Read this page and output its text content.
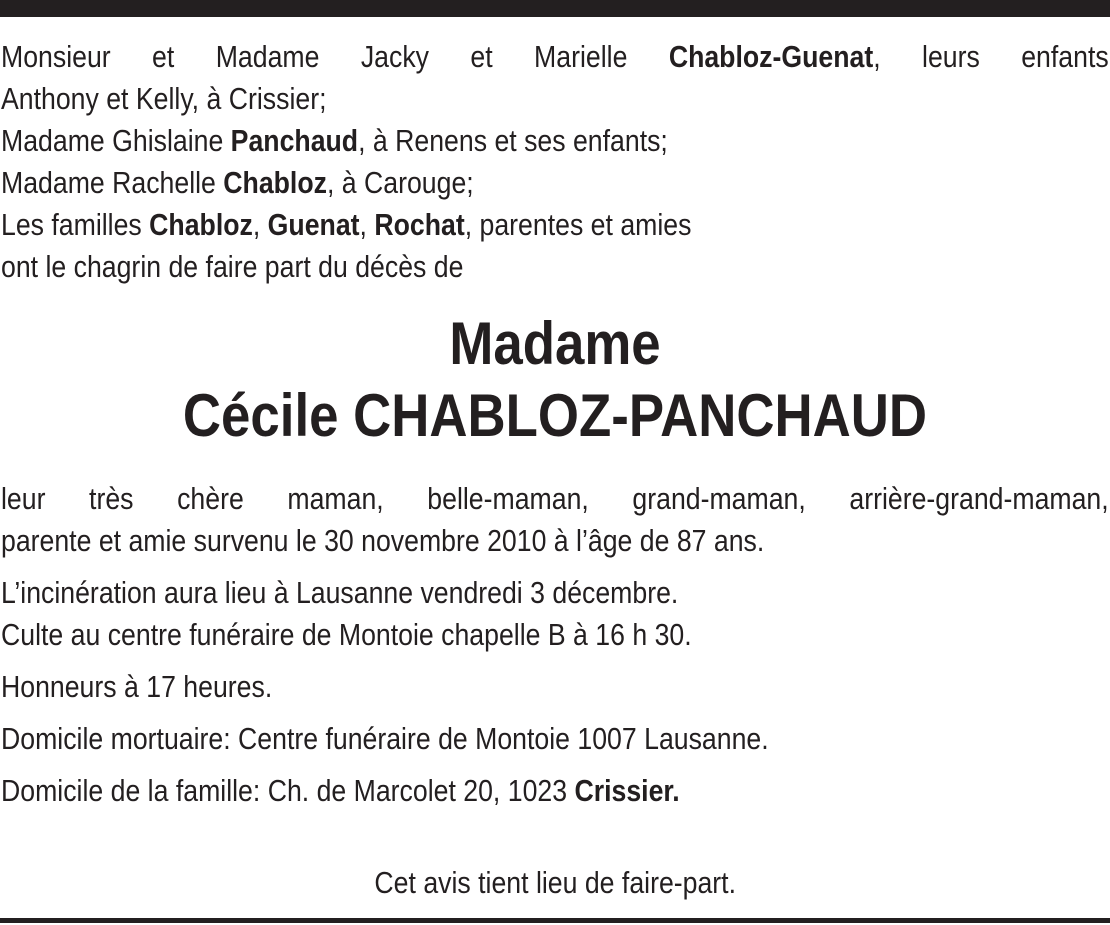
Monsieur et Madame Jacky et Marielle Chabloz-Guenat, leurs enfants
Anthony et Kelly, à Crissier;
Madame Ghislaine Panchaud, à Renens et ses enfants;
Madame Rachelle Chabloz, à Carouge;
Les familles Chabloz, Guenat, Rochat, parentes et amies
ont le chagrin de faire part du décès de
Madame
Cécile CHABLOZ-PANCHAUD

leur très chère maman, belle-maman, grand-maman, arrière-grand-maman,
parente et amie survenu le 30 novembre 2010 à l’âge de 87 ans.

L’incinération aura lieu à Lausanne vendredi 3 décembre.
Culte au centre funéraire de Montoie chapelle B à 16 h 30.

Honneurs à 17 heures.

Domicile mortuaire: Centre funéraire de Montoie 1007 Lausanne.

Domicile de la famille: Ch. de Marcolet 20, 1023 Crissier.

Cet avis tient lieu de faire-part.
